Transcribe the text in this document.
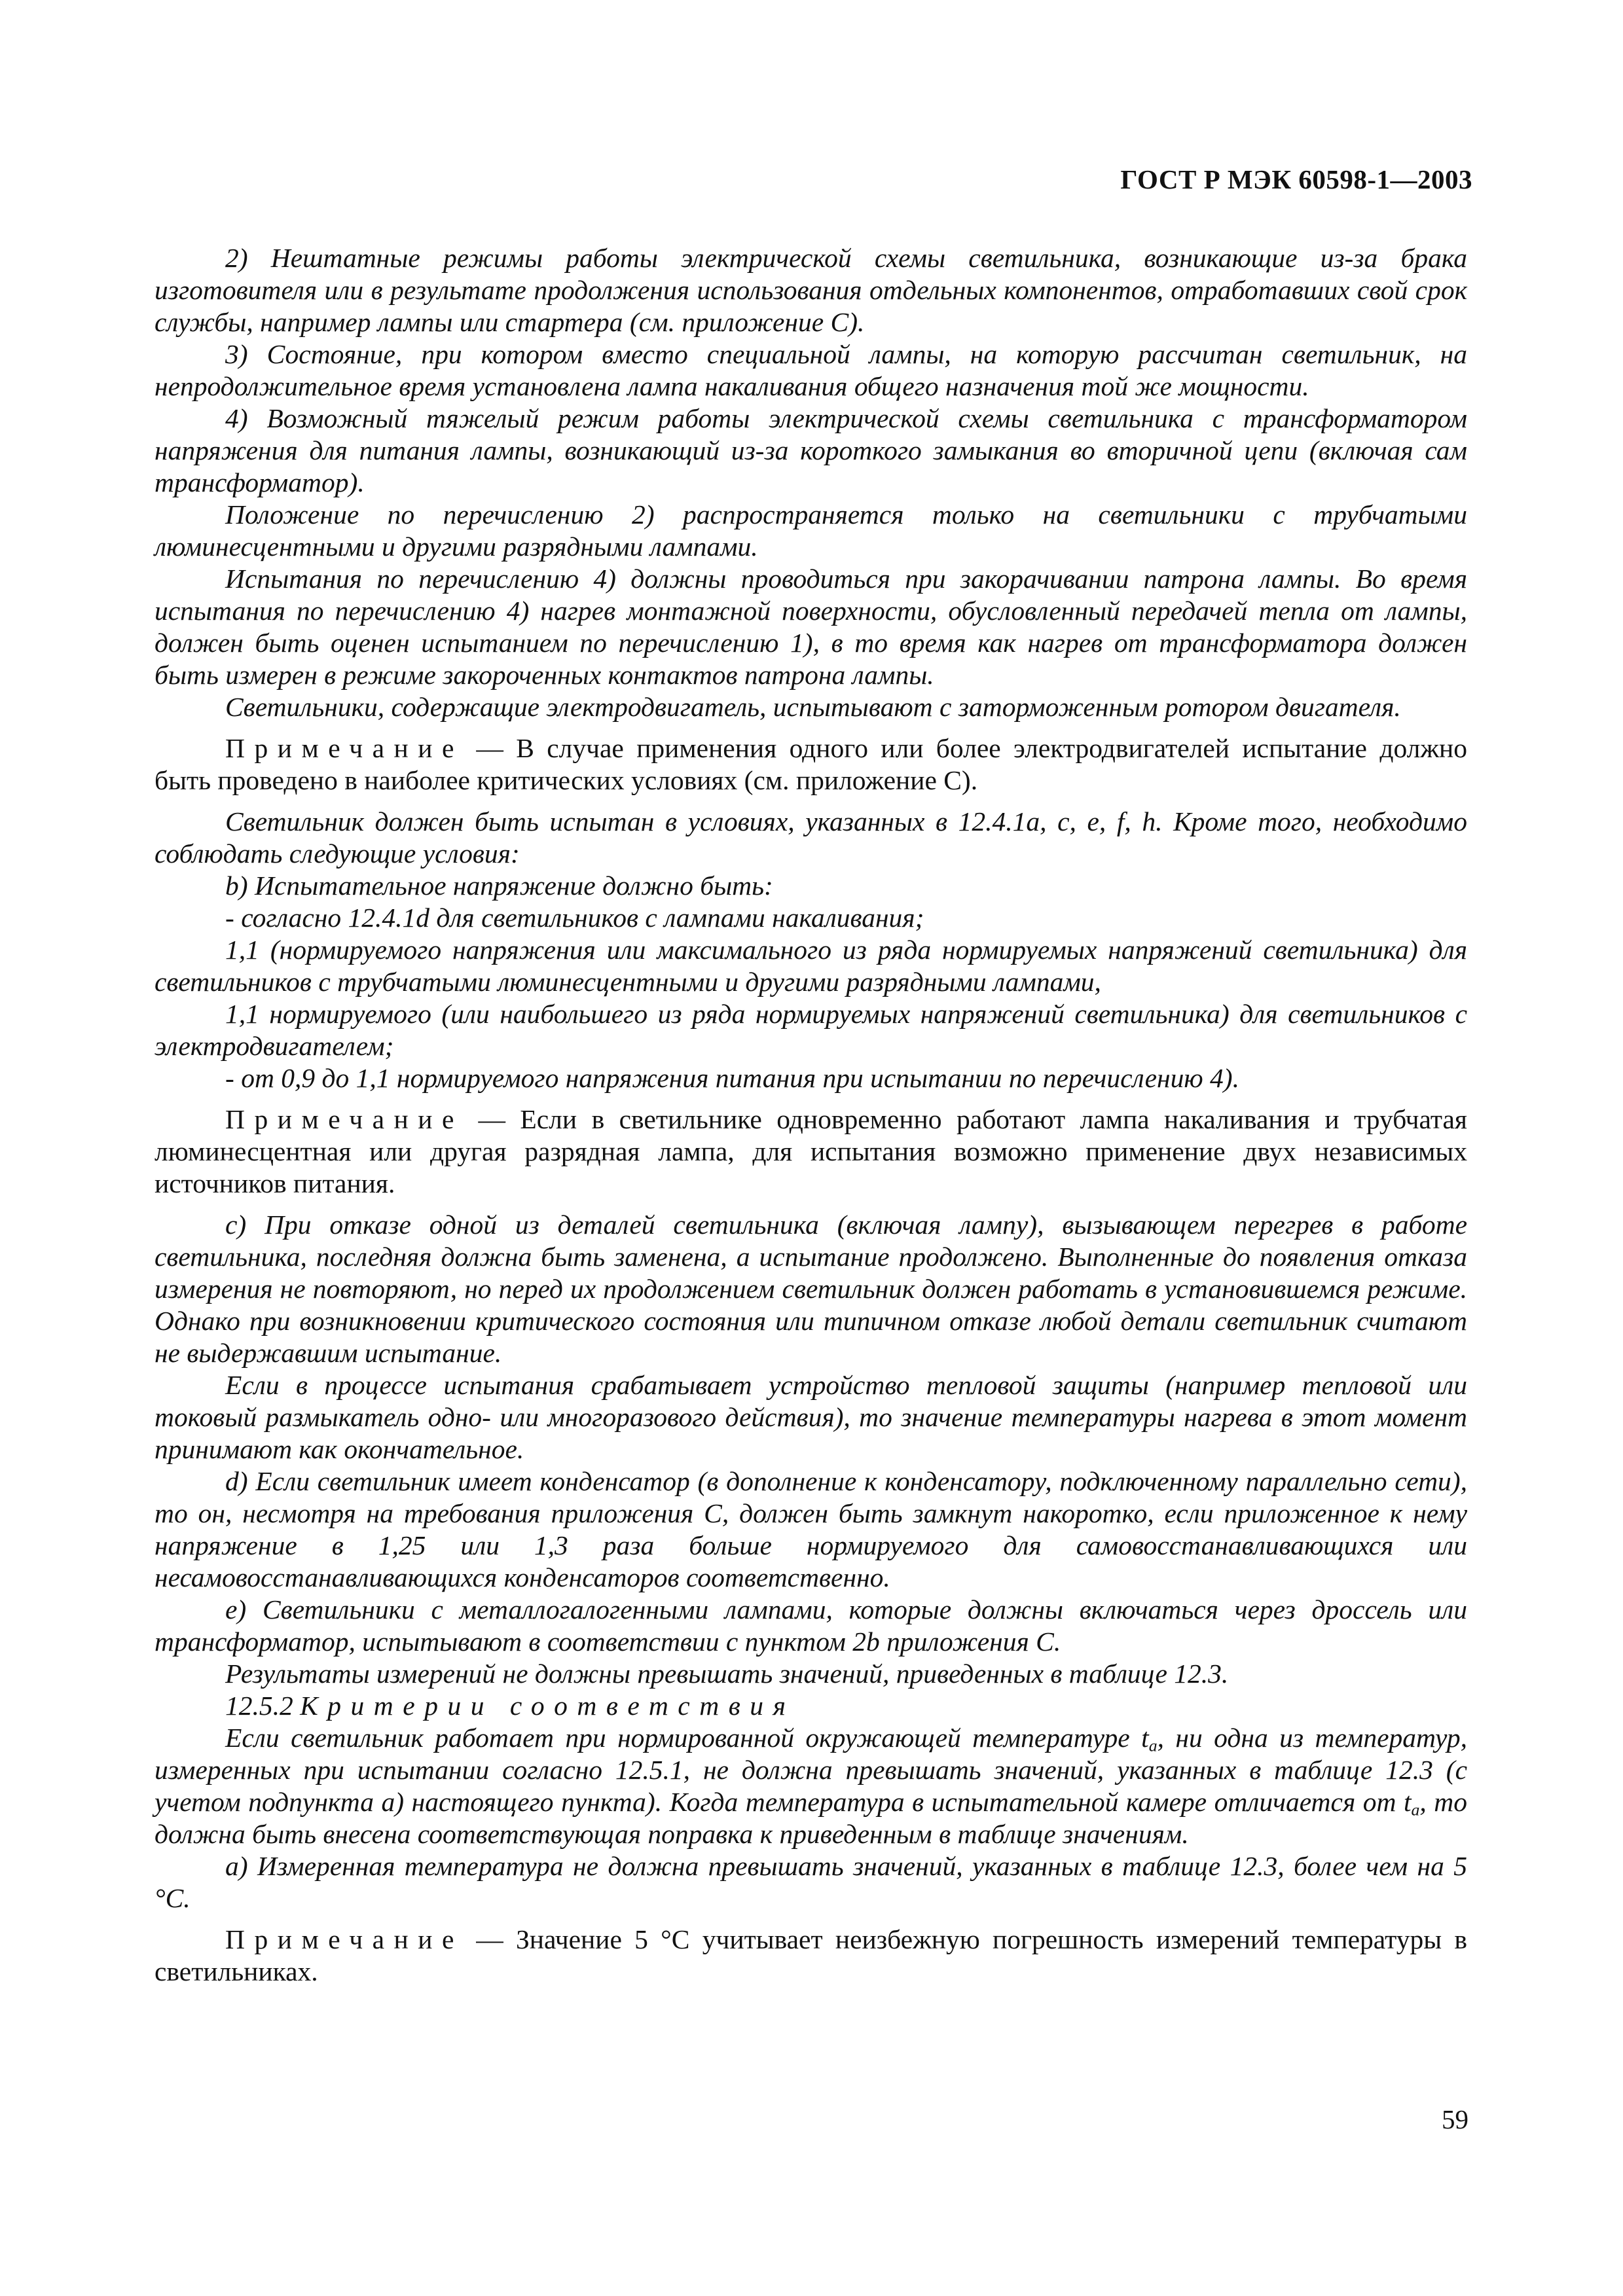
ГОСТ Р МЭК 60598-1—2003

2) Нештатные режимы работы электрической схемы светильника, возникающие из-за брака изготовителя или в результате продолжения использования отдельных компонентов, отработавших свой срок службы, например лампы или стартера (см. приложение С).

3) Состояние, при котором вместо специальной лампы, на которую рассчитан светильник, на непродолжительное время установлена лампа накаливания общего назначения той же мощности.

4) Возможный тяжелый режим работы электрической схемы светильника с трансформатором напряжения для питания лампы, возникающий из-за короткого замыкания во вторичной цепи (включая сам трансформатор).

Положение по перечислению 2) распространяется только на светильники с трубчатыми люминесцентными и другими разрядными лампами.

Испытания по перечислению 4) должны проводиться при закорачивании патрона лампы. Во время испытания по перечислению 4) нагрев монтажной поверхности, обусловленный передачей тепла от лампы, должен быть оценен испытанием по перечислению 1), в то время как нагрев от трансформатора должен быть измерен в режиме закороченных контактов патрона лампы.

Светильники, содержащие электродвигатель, испытывают с заторможенным ротором двигателя.

Примечание — В случае применения одного или более электродвигателей испытание должно быть проведено в наиболее критических условиях (см. приложение С).

Светильник должен быть испытан в условиях, указанных в 12.4.1a, c, e, f, h. Кроме того, необходимо соблюдать следующие условия:

b) Испытательное напряжение должно быть:

- согласно 12.4.1d для светильников с лампами накаливания;

1,1 (нормируемого напряжения или максимального из ряда нормируемых напряжений светильника) для светильников с трубчатыми люминесцентными и другими разрядными лампами,

1,1 нормируемого (или наибольшего из ряда нормируемых напряжений светильника) для светильников с электродвигателем;

- от 0,9 до 1,1 нормируемого напряжения питания при испытании по перечислению 4).

Примечание — Если в светильнике одновременно работают лампа накаливания и трубчатая люминесцентная или другая разрядная лампа, для испытания возможно применение двух независимых источников питания.

c) При отказе одной из деталей светильника (включая лампу), вызывающем перегрев в работе светильника, последняя должна быть заменена, а испытание продолжено. Выполненные до появления отказа измерения не повторяют, но перед их продолжением светильник должен работать в установившемся режиме. Однако при возникновении критического состояния или типичном отказе любой детали светильник считают не выдержавшим испытание.

Если в процессе испытания срабатывает устройство тепловой защиты (например тепловой или токовый размыкатель одно- или многоразового действия), то значение температуры нагрева в этот момент принимают как окончательное.

d) Если светильник имеет конденсатор (в дополнение к конденсатору, подключенному параллельно сети), то он, несмотря на требования приложения С, должен быть замкнут накоротко, если приложенное к нему напряжение в 1,25 или 1,3 раза больше нормируемого для самовосстанавливающихся или несамовосстанавливающихся конденсаторов соответственно.

e) Светильники с металлогалогенными лампами, которые должны включаться через дроссель или трансформатор, испытывают в соответствии с пунктом 2b приложения С.

Результаты измерений не должны превышать значений, приведенных в таблице 12.3.

12.5.2 Критерии соответствия

Если светильник работает при нормированной окружающей температуре $t_a$, ни одна из температур, измеренных при испытании согласно 12.5.1, не должна превышать значений, указанных в таблице 12.3 (с учетом подпункта а) настоящего пункта). Когда температура в испытательной камере отличается от $t_a$, то должна быть внесена соответствующая поправка к приведенным в таблице значениям.

a) Измеренная температура не должна превышать значений, указанных в таблице 12.3, более чем на 5 °С.

Примечание — Значение 5 °С учитывает неизбежную погрешность измерений температуры в светильниках.

59
